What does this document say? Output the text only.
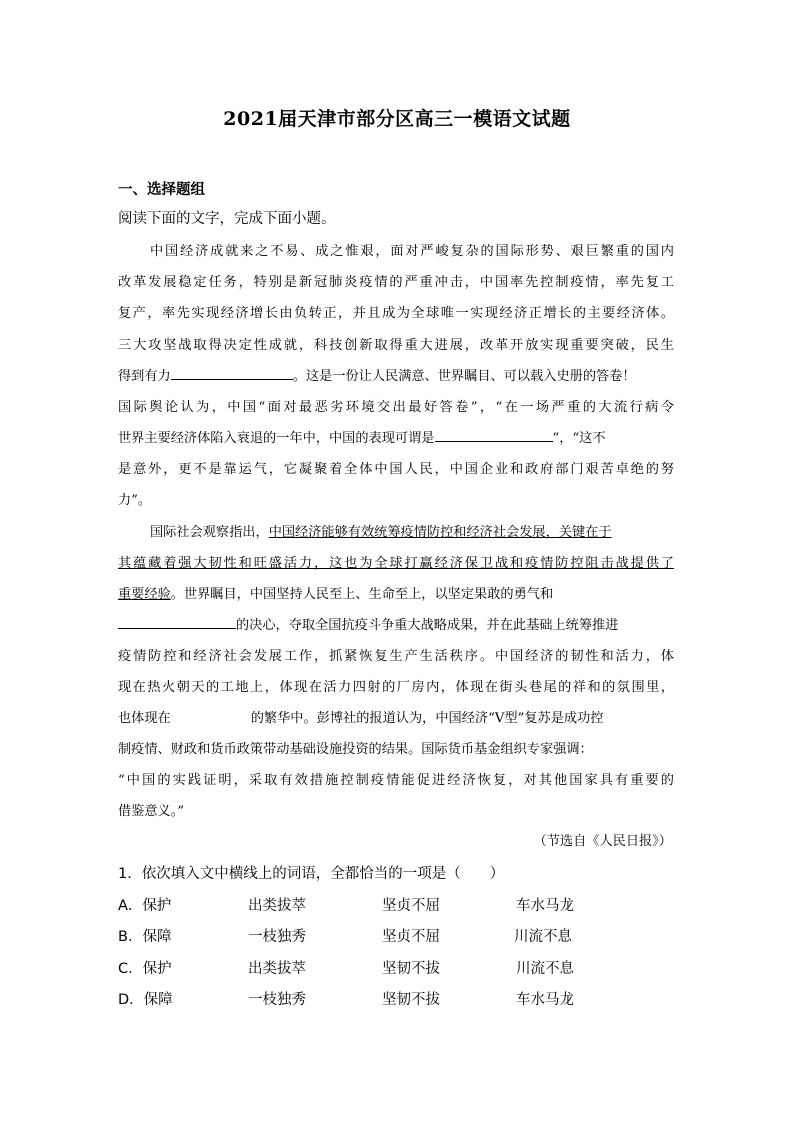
2021届天津市部分区高三一模语文试题
一、选择题组
阅读下面的文字，完成下面小题。
中国经济成就来之不易、成之惟艰，面对严峻复杂的国际形势、艰巨繁重的国内
改革发展稳定任务，特别是新冠肺炎疫情的严重冲击，中国率先控制疫情，率先复工
复产，率先实现经济增长由负转正，并且成为全球唯一实现经济正增长的主要经济体。
三大攻坚战取得决定性成就，科技创新取得重大进展，改革开放实现重要突破，民生
得到有力	。这是一份让人民满意、世界瞩目、可以载入史册的答卷！
国际舆论认为，中国“面对最恶劣环境交出最好答卷”，“在一场严重的大流行病令
世界主要经济体陷入衰退的一年中，中国的表现可谓是	”，“这不
是意外，更不是靠运气，它凝聚着全体中国人民，中国企业和政府部门艰苦卓绝的努
力”。
国际社会观察指出，中国经济能够有效统筹疫情防控和经济社会发展，关键在于
其蕴藏着强大韧性和旺盛活力，这也为全球打赢经济保卫战和疫情防控阻击战提供了
重要经验。世界瞩目，中国坚持人民至上、生命至上，以坚定果敢的勇气和
的决心，夺取全国抗疫斗争重大战略成果，并在此基础上统筹推进
疫情防控和经济社会发展工作，抓紧恢复生产生活秩序。中国经济的韧性和活力，体
现在热火朝天的工地上，体现在活力四射的厂房内，体现在街头巷尾的祥和的氛围里，
也体现在	的繁华中。彭博社的报道认为，中国经济“V型”复苏是成功控
制疫情、财政和货币政策带动基础设施投资的结果。国际货币基金组织专家强调：
“中国的实践证明，采取有效措施控制疫情能促进经济恢复，对其他国家具有重要的
借鉴意义。”
（节选自《人民日报》）
1．依次填入文中横线上的词语，全都恰当的一项是（　　）
A．保护	出类拔萃	坚贞不屈	车水马龙
B．保障	一枝独秀	坚贞不屈	川流不息
C．保护	出类拔萃	坚韧不拔	川流不息
D．保障	一枝独秀	坚韧不拔	车水马龙
